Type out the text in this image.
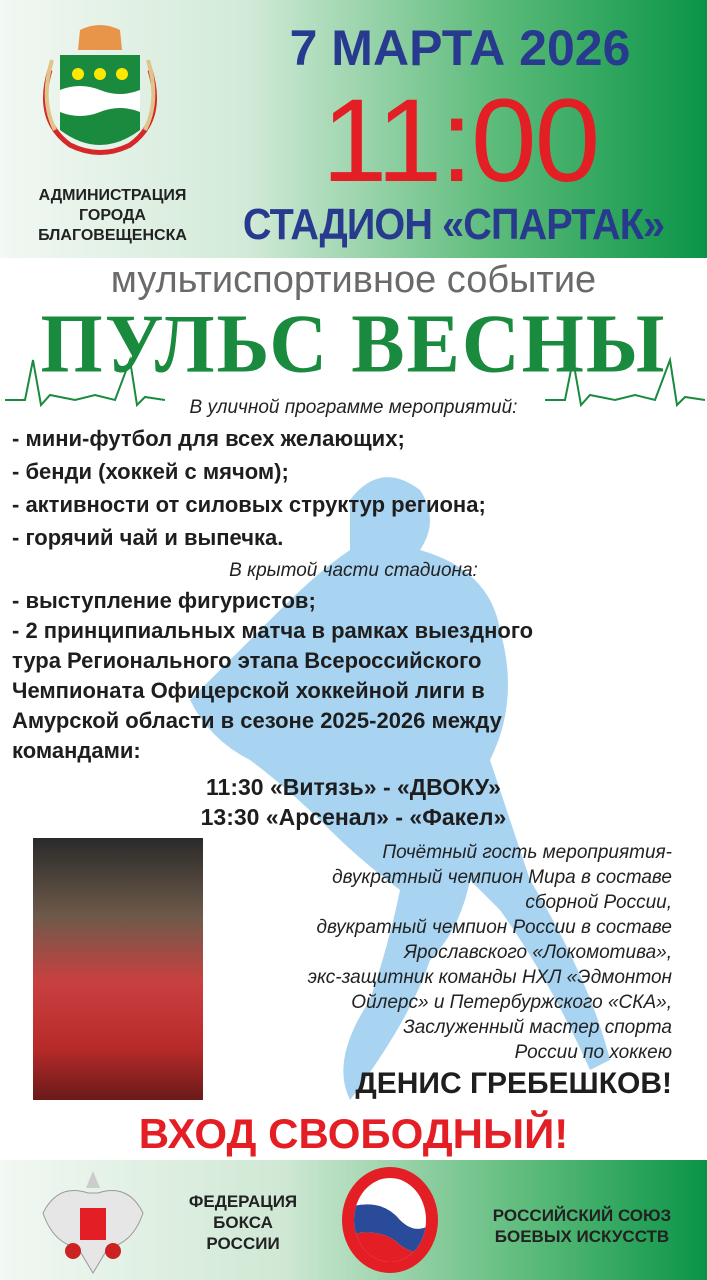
АДМИНИСТРАЦИЯ
ГОРОДА
БЛАГОВЕЩЕНСКА
7 МАРТА 2026
11:00
СТАДИОН «СПАРТАК»
мультиспортивное событие
ПУЛЬС ВЕСНЫ
В уличной программе мероприятий:
- мини-футбол для всех желающих;
- бенди (хоккей с мячом);
- активности от силовых структур региона;
- горячий чай и выпечка.
В крытой части стадиона:
- выступление фигуристов;
- 2 принципиальных матча в рамках выездного
тура Регионального этапа Всероссийского
Чемпионата Офицерской хоккейной лиги в
Амурской области в сезоне 2025-2026 между
командами:
11:30 «Витязь» - «ДВОКУ»
13:30 «Арсенал» - «Факел»
Почётный гость мероприятия-
двукратный чемпион Мира в составе
сборной России,
двукратный чемпион России в составе
Ярославского «Локомотива»,
экс-защитник команды НХЛ «Эдмонтон
Ойлерс» и Петербуржского «СКА»,
Заслуженный мастер спорта
России по хоккею
ДЕНИС ГРЕБЕШКОВ!
ВХОД СВОБОДНЫЙ!
ФЕДЕРАЦИЯ
БОКСА
РОССИИ
РОССИЙСКИЙ СОЮЗ
БОЕВЫХ ИСКУССТВ
